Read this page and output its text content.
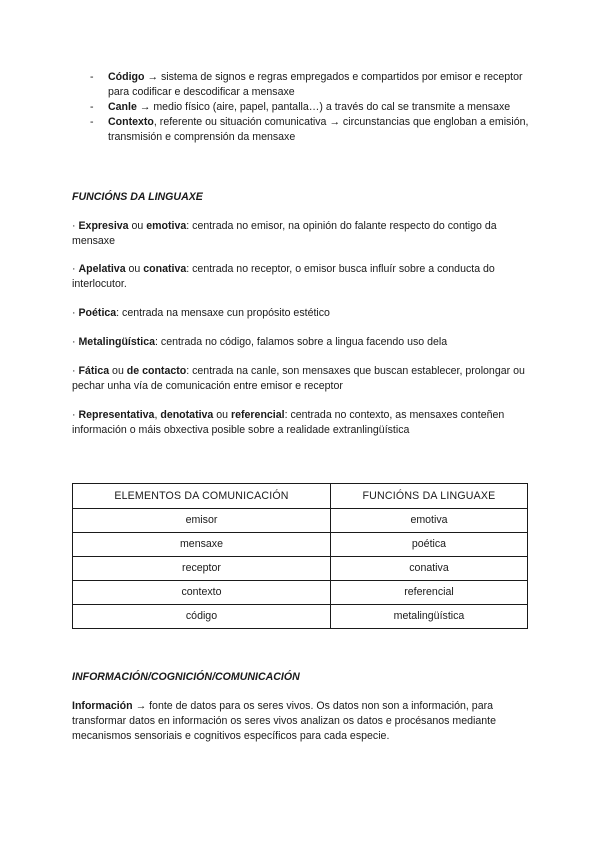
- Código → sistema de signos e regras empregados e compartidos por emisor e receptor para codificar e descodificar a mensaxe
- Canle → medio físico (aire, papel, pantalla…) a través do cal se transmite a mensaxe
- Contexto, referente ou situación comunicativa → circunstancias que engloban a emisión, transmisión e comprensión da mensaxe
FUNCIÓNS DA LINGUAXE

· Expresiva ou emotiva: centrada no emisor, na opinión do falante respecto do contigo da mensaxe

· Apelativa ou conativa: centrada no receptor, o emisor busca influír sobre a conducta do interlocutor.

· Poética: centrada na mensaxe cun propósito estético

· Metalingüística: centrada no código, falamos sobre a lingua facendo uso dela

· Fática ou de contacto: centrada na canle, son mensaxes que buscan establecer, prolongar ou pechar unha vía de comunicación entre emisor e receptor

· Representativa, denotativa ou referencial: centrada no contexto, as mensaxes conteñen información o máis obxectiva posible sobre a realidade extranlingüística

ELEMENTOS DA COMUNICACIÓN	FUNCIÓNS DA LINGUAXE
emisor	emotiva
mensaxe	poética
receptor	conativa
contexto	referencial
código	metalingüística
INFORMACIÓN/COGNICIÓN/COMUNICACIÓN

Información → fonte de datos para os seres vivos. Os datos non son a información, para transformar datos en información os seres vivos analizan os datos e procésanos mediante mecanismos sensoriais e cognitivos específicos para cada especie.
